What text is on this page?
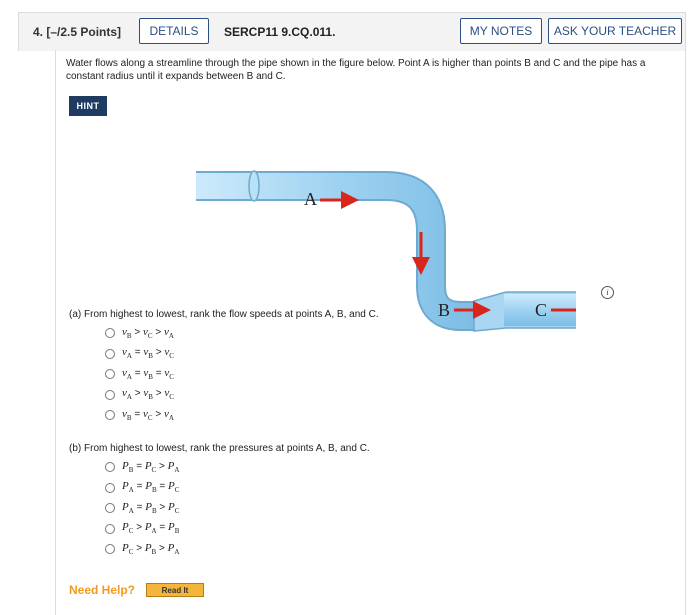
4. [–/2.5 Points]	DETAILS	SERCP11 9.CQ.011.	MY NOTES	ASK YOUR TEACHER
Water flows along a streamline through the pipe shown in the figure below. Point A is higher than points B and C and the pipe has a constant radius until it expands between B and C.
HINT
A
B	C
i
(a) From highest to lowest, rank the flow speeds at points A, B, and C.
(b) From highest to lowest, rank the pressures at points A, B, and C.
Need Help?	Read It
$v_B > v_C > v_A$
$v_A = v_B > v_C$
$v_A = v_B = v_C$
$v_A > v_B > v_C$
$v_B = v_C > v_A$
$P_B = P_C > P_A$
$P_A = P_B = P_C$
$P_A = P_B > P_C$
$P_C > P_A = P_B$
$P_C > P_B > P_A$
